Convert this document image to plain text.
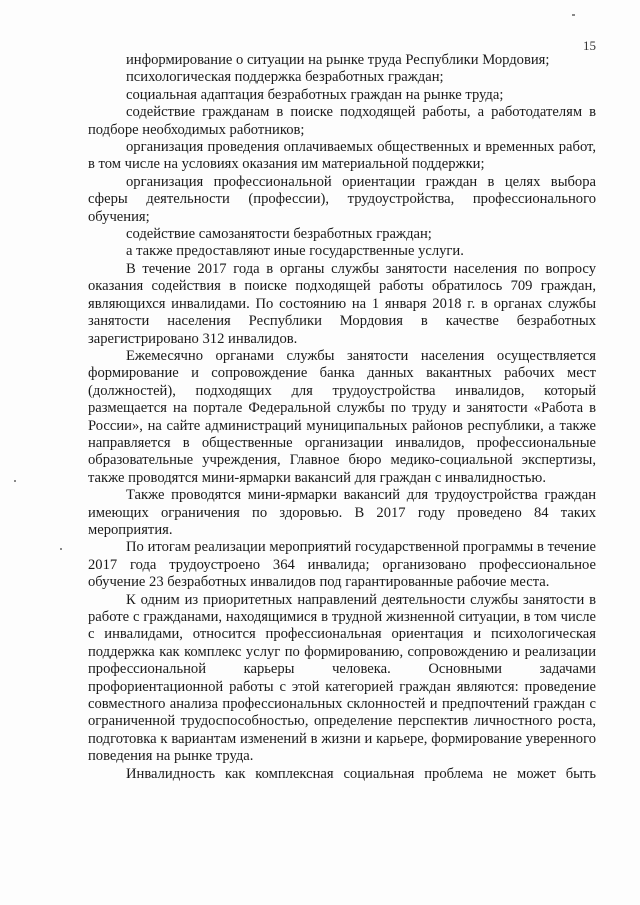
15

информирование о ситуации на рынке труда Республики Мордовия;

психологическая поддержка безработных граждан;

социальная адаптация безработных граждан на рынке труда;

содействие гражданам в поиске подходящей работы, а работодателям в подборе необходимых работников;

организация проведения оплачиваемых общественных и временных работ, в том числе на условиях оказания им материальной поддержки;

организация профессиональной ориентации граждан в целях выбора сферы деятельности (профессии), трудоустройства, профессионального обучения;

содействие самозанятости безработных граждан;

а также предоставляют иные государственные услуги.

В течение 2017 года в органы службы занятости населения по вопросу оказания содействия в поиске подходящей работы обратилось 709 граждан, являющихся инвалидами. По состоянию на 1 января 2018 г. в органах службы занятости населения Республики Мордовия в качестве безработных зарегистрировано 312 инвалидов.

Ежемесячно органами службы занятости населения осуществляется формирование и сопровождение банка данных вакантных рабочих мест (должностей), подходящих для трудоустройства инвалидов, который размещается на портале Федеральной службы по труду и занятости «Работа в России», на сайте администраций муниципальных районов республики, а также направляется в общественные организации инвалидов, профессиональные образовательные учреждения, Главное бюро медико-социальной экспертизы, также проводятся мини-ярмарки вакансий для граждан с инвалидностью.

Также проводятся мини-ярмарки вакансий для трудоустройства граждан имеющих ограничения по здоровью. В 2017 году проведено 84 таких мероприятия.

По итогам реализации мероприятий государственной программы в течение 2017 года трудоустроено 364 инвалида; организовано профессиональное обучение 23 безработных инвалидов под гарантированные рабочие места.

К одним из приоритетных направлений деятельности службы занятости в работе с гражданами, находящимися в трудной жизненной ситуации, в том числе с инвалидами, относится профессиональная ориентация и психологическая поддержка как комплекс услуг по формированию, сопровождению и реализации профессиональной карьеры человека. Основными задачами профориентационной работы с этой категорией граждан являются: проведение совместного анализа профессиональных склонностей и предпочтений граждан с ограниченной трудоспособностью, определение перспектив личностного роста, подготовка к вариантам изменений в жизни и карьере, формирование уверенного поведения на рынке труда.

Инвалидность как комплексная социальная проблема не может быть
